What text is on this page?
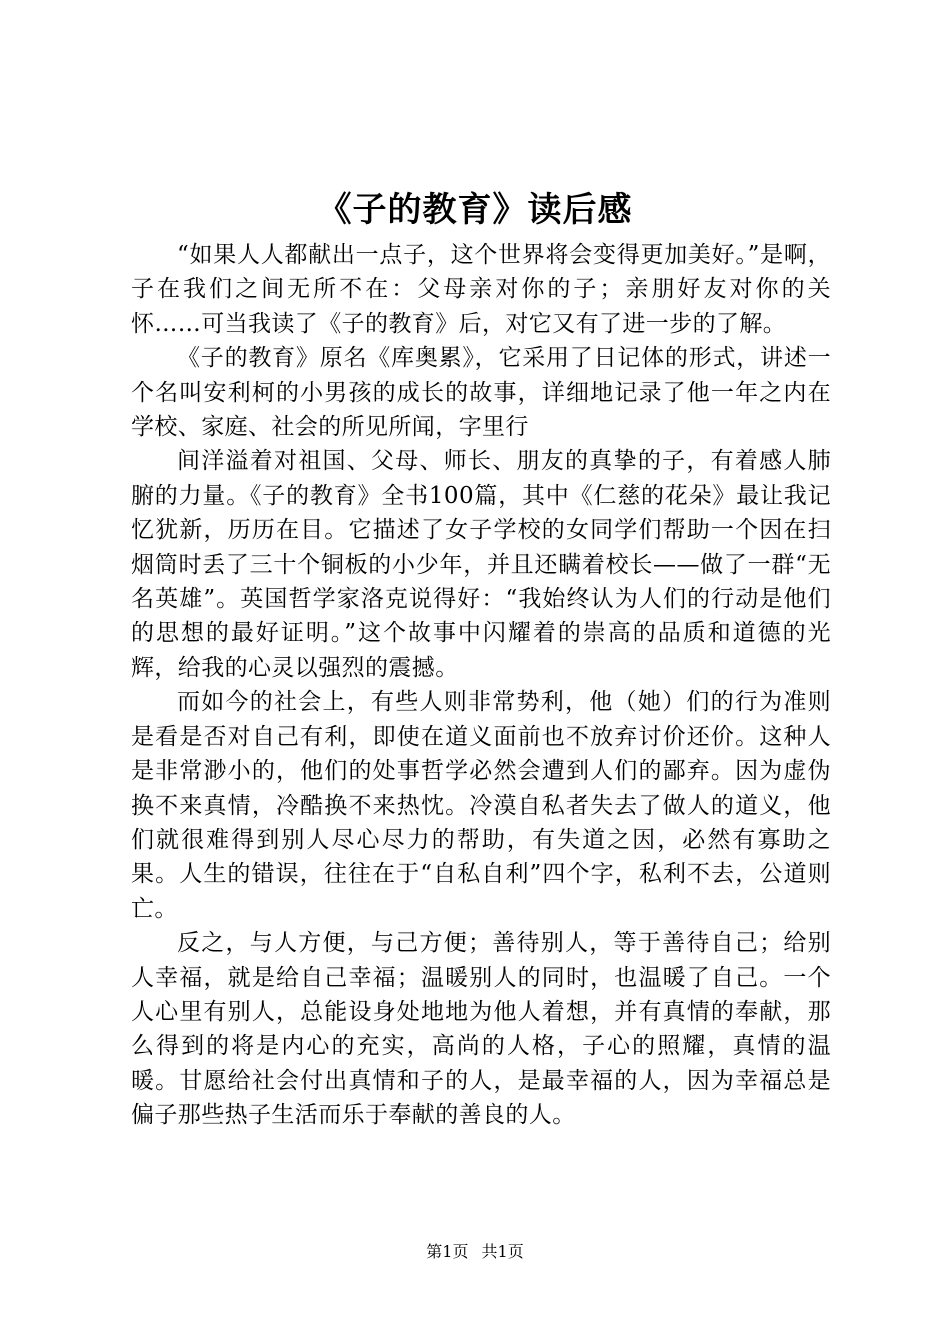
《子的教育》读后感

“如果人人都献出一点子，这个世界将会变得更加美好。”是啊，子在我们之间无所不在：父母亲对你的子；亲朋好友对你的关怀……可当我读了《子的教育》后，对它又有了进一步的了解。

《子的教育》原名《库奥累》，它采用了日记体的形式，讲述一个名叫安利柯的小男孩的成长的故事，详细地记录了他一年之内在学校、家庭、社会的所见所闻，字里行

间洋溢着对祖国、父母、师长、朋友的真挚的子，有着感人肺腑的力量。《子的教育》全书100篇，其中《仁慈的花朵》最让我记忆犹新，历历在目。它描述了女子学校的女同学们帮助一个因在扫烟筒时丢了三十个铜板的小少年，并且还瞒着校长——做了一群“无名英雄”。英国哲学家洛克说得好：“我始终认为人们的行动是他们的思想的最好证明。”这个故事中闪耀着的崇高的品质和道德的光辉，给我的心灵以强烈的震撼。

而如今的社会上，有些人则非常势利，他（她）们的行为准则是看是否对自己有利，即使在道义面前也不放弃讨价还价。这种人是非常渺小的，他们的处事哲学必然会遭到人们的鄙弃。因为虚伪换不来真情，冷酷换不来热忱。冷漠自私者失去了做人的道义，他们就很难得到别人尽心尽力的帮助，有失道之因，必然有寡助之果。人生的错误，往往在于“自私自利”四个字，私利不去，公道则亡。

反之，与人方便，与己方便；善待别人，等于善待自己；给别人幸福，就是给自己幸福；温暖别人的同时，也温暖了自己。一个人心里有别人，总能设身处地地为他人着想，并有真情的奉献，那么得到的将是内心的充实，高尚的人格，子心的照耀，真情的温暖。甘愿给社会付出真情和子的人，是最幸福的人，因为幸福总是偏子那些热子生活而乐于奉献的善良的人。

第1页 共1页
